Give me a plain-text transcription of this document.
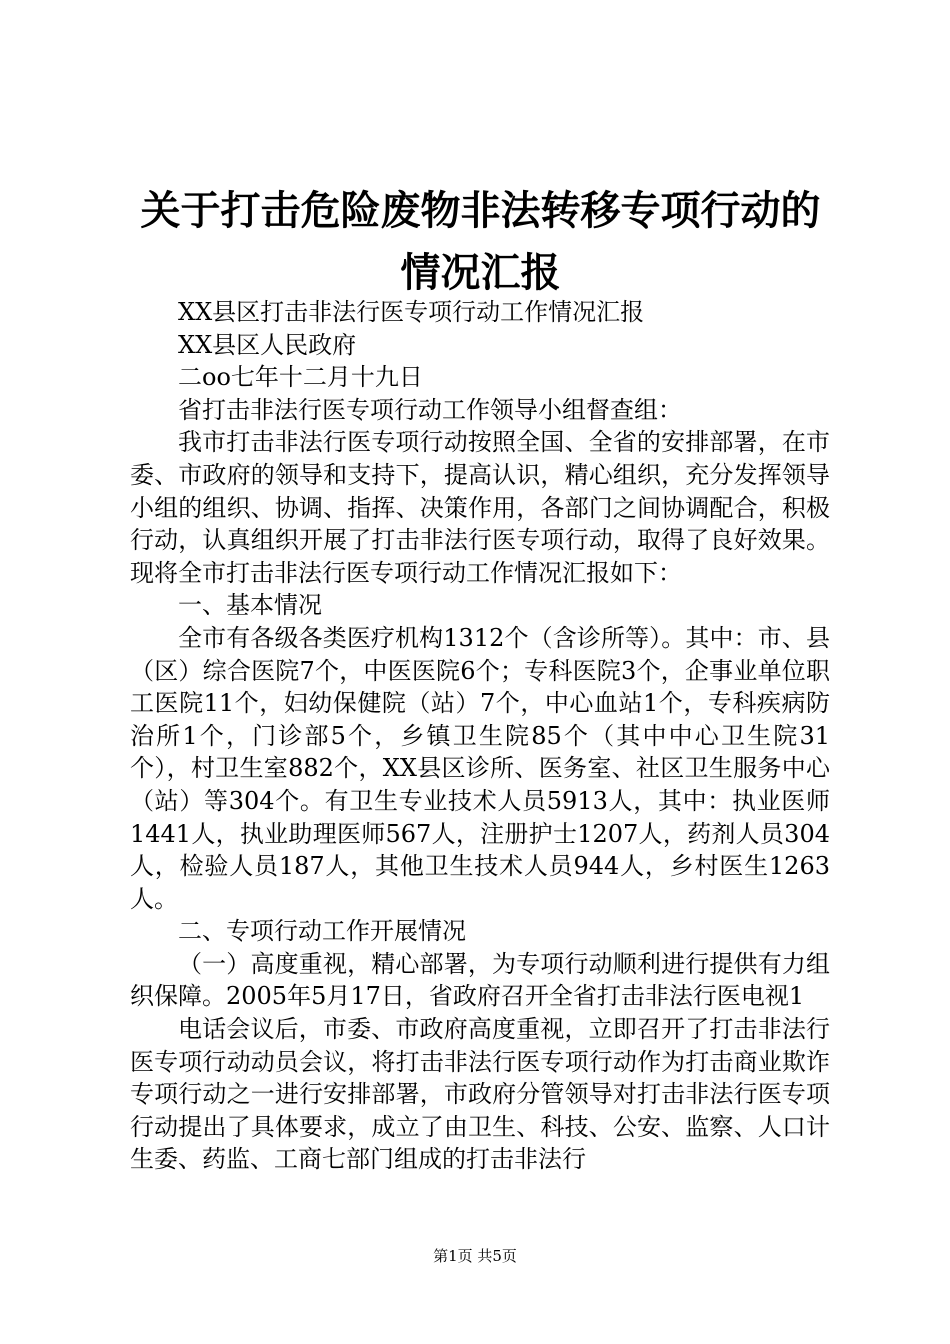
关于打击危险废物非法转移专项行动的情况汇报

XX县区打击非法行医专项行动工作情况汇报

XX县区人民政府

二oo七年十二月十九日

省打击非法行医专项行动工作领导小组督查组：

我市打击非法行医专项行动按照全国、全省的安排部署，在市委、市政府的领导和支持下，提高认识，精心组织，充分发挥领导小组的组织、协调、指挥、决策作用，各部门之间协调配合，积极行动，认真组织开展了打击非法行医专项行动，取得了良好效果。现将全市打击非法行医专项行动工作情况汇报如下：

一、基本情况

全市有各级各类医疗机构1312个（含诊所等）。其中：市、县（区）综合医院7个，中医医院6个；专科医院3个，企事业单位职工医院11个，妇幼保健院（站）7个，中心血站1个，专科疾病防治所1个，门诊部5个，乡镇卫生院85个（其中中心卫生院31个），村卫生室882个，XX县区诊所、医务室、社区卫生服务中心（站）等304个。有卫生专业技术人员5913人，其中：执业医师1441人，执业助理医师567人，注册护士1207人，药剂人员304人，检验人员187人，其他卫生技术人员944人，乡村医生1263人。

二、专项行动工作开展情况

（一）高度重视，精心部署，为专项行动顺利进行提供有力组织保障。2005年5月17日，省政府召开全省打击非法行医电视1

电话会议后，市委、市政府高度重视，立即召开了打击非法行医专项行动动员会议，将打击非法行医专项行动作为打击商业欺诈专项行动之一进行安排部署，市政府分管领导对打击非法行医专项行动提出了具体要求，成立了由卫生、科技、公安、监察、人口计生委、药监、工商七部门组成的打击非法行

第1页 共5页
